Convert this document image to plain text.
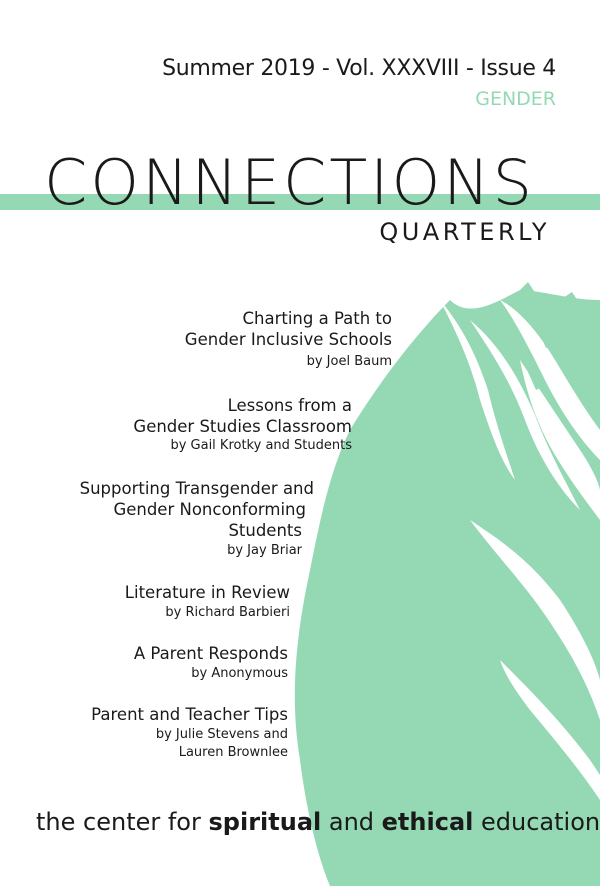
Summer 2019 - Vol. XXXVIII - Issue 4
GENDER
CONNECTIONS
QUARTERLY
Charting a Path to
Gender Inclusive Schools
by Joel Baum
Lessons from a
Gender Studies Classroom
by Gail Krotky and Students
Supporting Transgender and
Gender Nonconforming
Students
by Jay Briar
Literature in Review
by Richard Barbieri
A Parent Responds
by Anonymous
Parent and Teacher Tips
by Julie Stevens and
Lauren Brownlee
the center for spiritual and ethical education
